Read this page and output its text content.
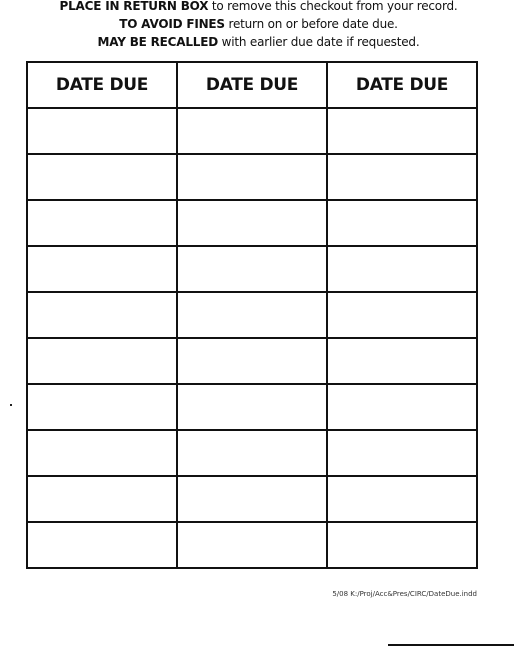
PLACE IN RETURN BOX to remove this checkout from your record.
TO AVOID FINES return on or before date due.
MAY BE RECALLED with earlier due date if requested.
DATE DUE	DATE DUE	DATE DUE

5/08 K:/Proj/Acc&Pres/CIRC/DateDue.indd
